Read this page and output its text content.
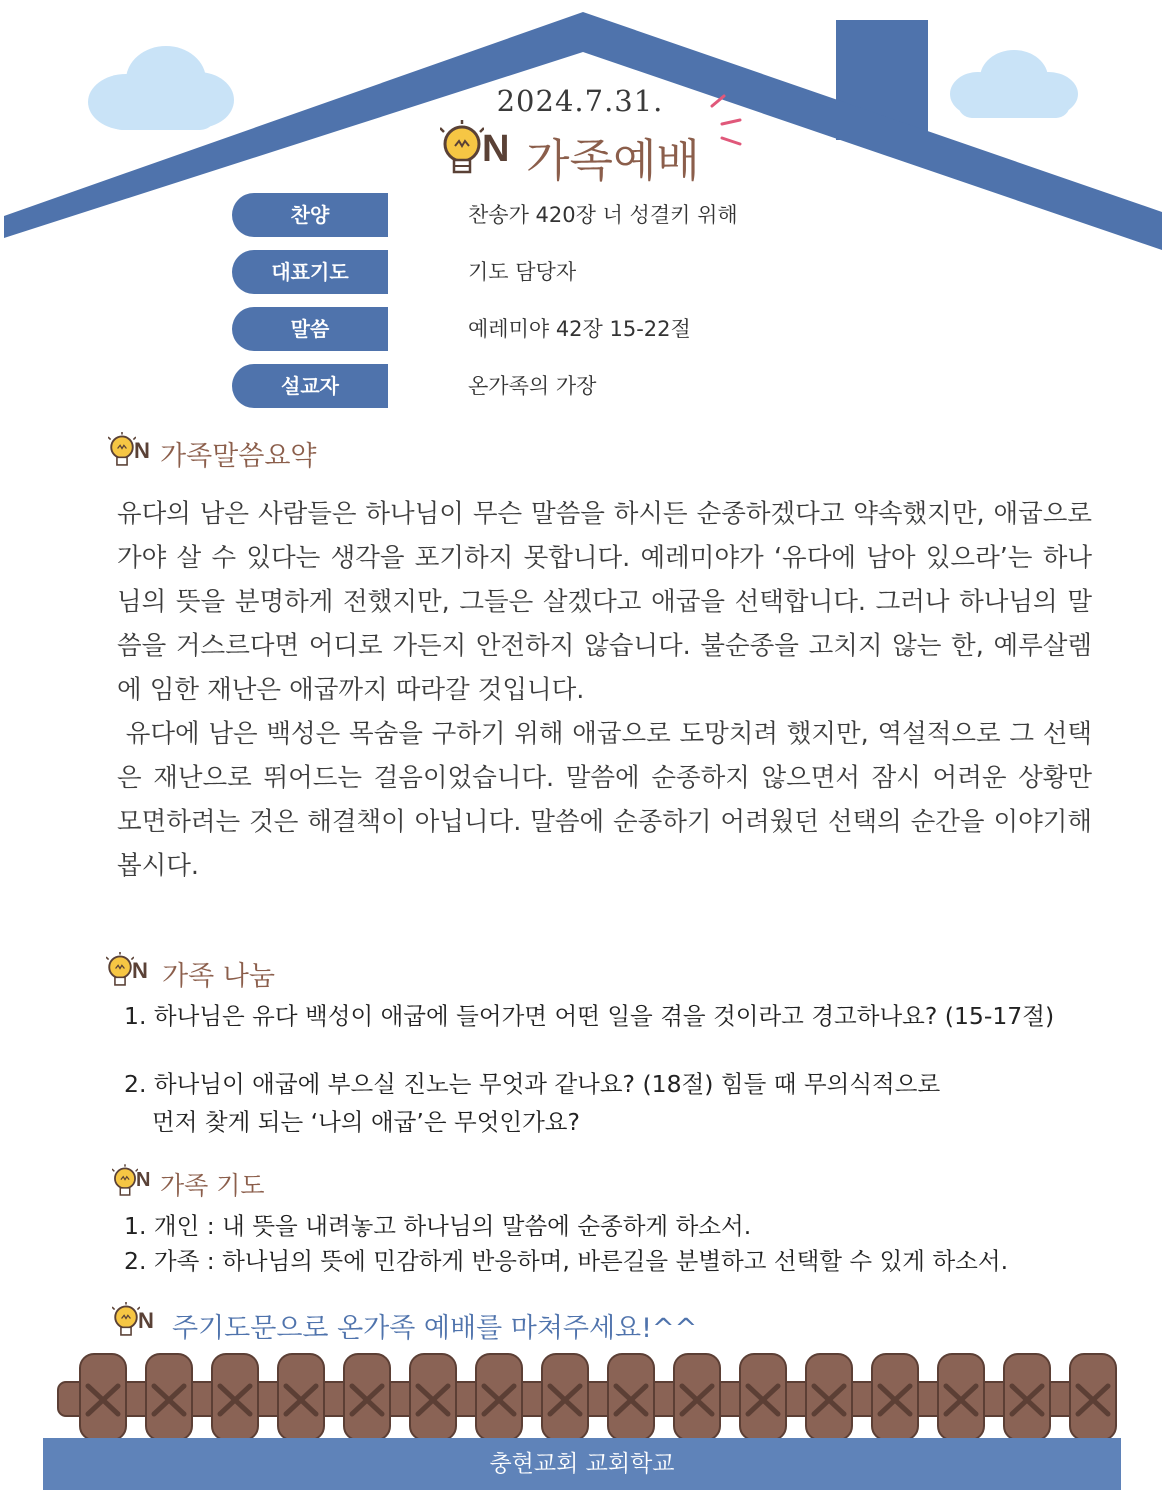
2024.7.31.
N 가족예배
찬양	찬송가 420장 너 성결키 위해
대표기도	기도 담당자
말씀	예레미야 42장 15-22절
설교자	온가족의 가장
N 가족말씀요약

유다의 남은 사람들은 하나님이 무슨 말씀을 하시든 순종하겠다고 약속했지만, 애굽으로 가야 살 수 있다는 생각을 포기하지 못합니다. 예레미야가 ‘유다에 남아 있으라’는 하나님의 뜻을 분명하게 전했지만, 그들은 살겠다고 애굽을 선택합니다. 그러나 하나님의 말씀을 거스르다면 어디로 가든지 안전하지 않습니다. 불순종을 고치지 않는 한, 예루살렘에 임한 재난은 애굽까지 따라갈 것입니다.

유다에 남은 백성은 목숨을 구하기 위해 애굽으로 도망치려 했지만, 역설적으로 그 선택은 재난으로 뛰어드는 걸음이었습니다. 말씀에 순종하지 않으면서 잠시 어려운 상황만 모면하려는 것은 해결책이 아닙니다. 말씀에 순종하기 어려웠던 선택의 순간을 이야기해봅시다.

N 가족 나눔
1. 하나님은 유다 백성이 애굽에 들어가면 어떤 일을 겪을 것이라고 경고하나요? (15-17절)
2. 하나님이 애굽에 부으실 진노는 무엇과 같나요? (18절) 힘들 때 무의식적으로
먼저 찾게 되는 ‘나의 애굽’은 무엇인가요?
N 가족 기도
1. 개인 : 내 뜻을 내려놓고 하나님의 말씀에 순종하게 하소서.
2. 가족 : 하나님의 뜻에 민감하게 반응하며, 바른길을 분별하고 선택할 수 있게 하소서.
N 주기도문으로 온가족 예배를 마쳐주세요!^^
충현교회 교회학교
